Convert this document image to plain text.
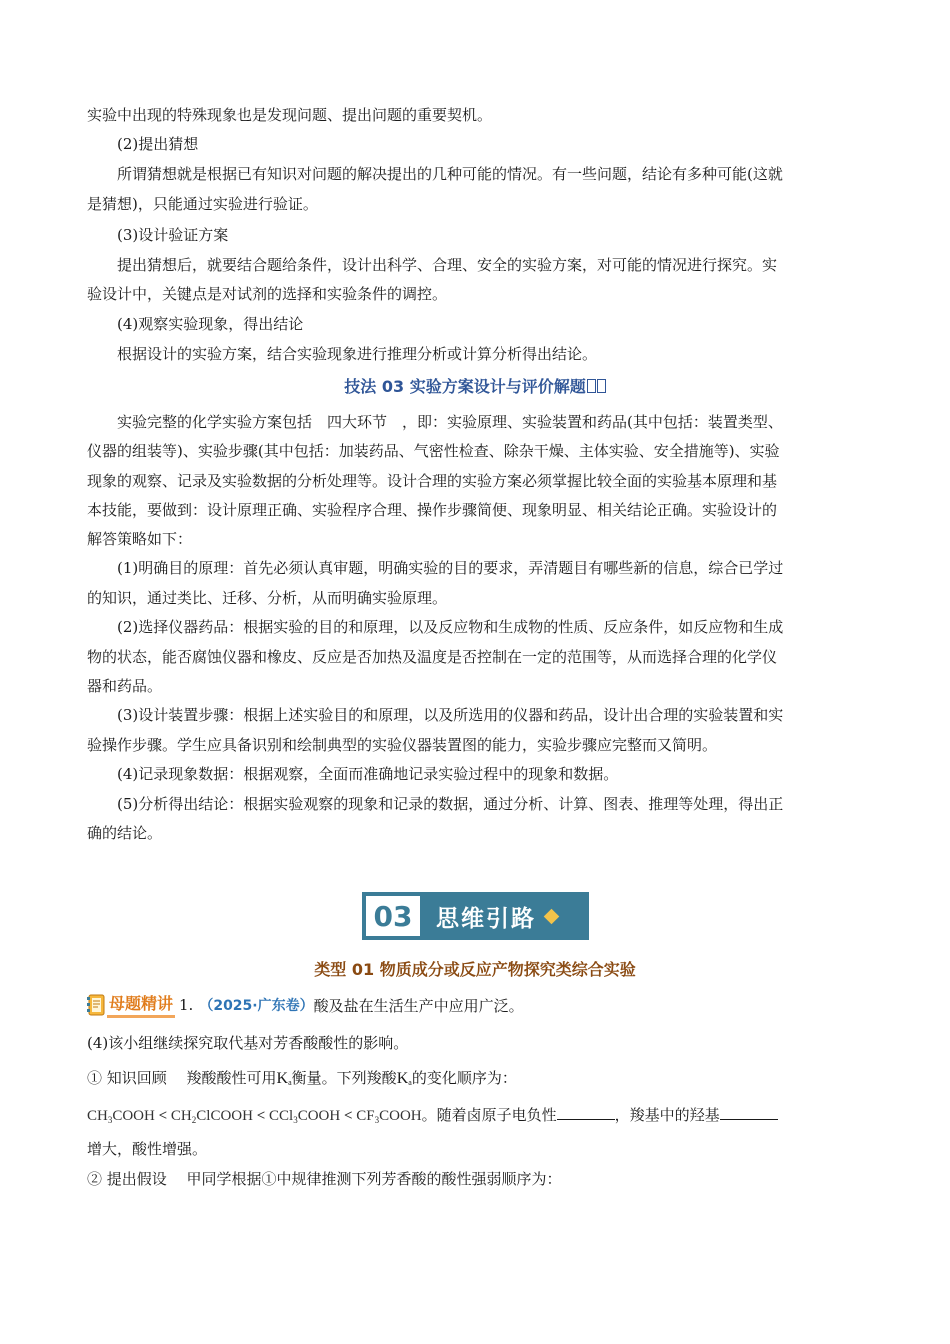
实验中出现的特殊现象也是发现问题、提出问题的重要契机。
(2)提出猜想
所谓猜想就是根据已有知识对问题的解决提出的几种可能的情况。有一些问题，结论有多种可能(这就
是猜想)，只能通过实验进行验证。
(3)设计验证方案
提出猜想后，就要结合题给条件，设计出科学、合理、安全的实验方案，对可能的情况进行探究。实
验设计中，关键点是对试剂的选择和实验条件的调控。
(4)观察实验现象，得出结论
根据设计的实验方案，结合实验现象进行推理分析或计算分析得出结论。
技法 03 实验方案设计与评价解题
实验完整的化学实验方案包括　四大环节　，即：实验原理、实验装置和药品(其中包括：装置类型、
仪器的组装等)、实验步骤(其中包括：加装药品、气密性检查、除杂干燥、主体实验、安全措施等)、实验
现象的观察、记录及实验数据的分析处理等。设计合理的实验方案必须掌握比较全面的实验基本原理和基
本技能，要做到：设计原理正确、实验程序合理、操作步骤简便、现象明显、相关结论正确。实验设计的
解答策略如下：
(1)明确目的原理：首先必须认真审题，明确实验的目的要求，弄清题目有哪些新的信息，综合已学过
的知识，通过类比、迁移、分析，从而明确实验原理。
(2)选择仪器药品：根据实验的目的和原理，以及反应物和生成物的性质、反应条件，如反应物和生成
物的状态，能否腐蚀仪器和橡皮、反应是否加热及温度是否控制在一定的范围等，从而选择合理的化学仪
器和药品。
(3)设计装置步骤：根据上述实验目的和原理，以及所选用的仪器和药品，设计出合理的实验装置和实
验操作步骤。学生应具备识别和绘制典型的实验仪器装置图的能力，实验步骤应完整而又简明。
(4)记录现象数据：根据观察，全面而准确地记录实验过程中的现象和数据。
(5)分析得出结论：根据实验观察的现象和记录的数据，通过分析、计算、图表、推理等处理，得出正
确的结论。
03	思维引路
类型 01 物质成分或反应产物探究类综合实验
母题精讲 1. （2025·广东卷） 酸及盐在生活生产中应用广泛。
(4)该小组继续探究取代基对芳香酸酸性的影响。
① 知识回顾　 羧酸酸性可用$K_a$衡量。下列羧酸$K_a$的变化顺序为：
$CH_3COOH$ < $CH_2ClCOOH$ < CCl$_3$COOH < $CF_3COOH$。随着卤原子电负性	，羧基中的羟基
增大，酸性增强。
② 提出假设　 甲同学根据①中规律推测下列芳香酸的酸性强弱顺序为：
